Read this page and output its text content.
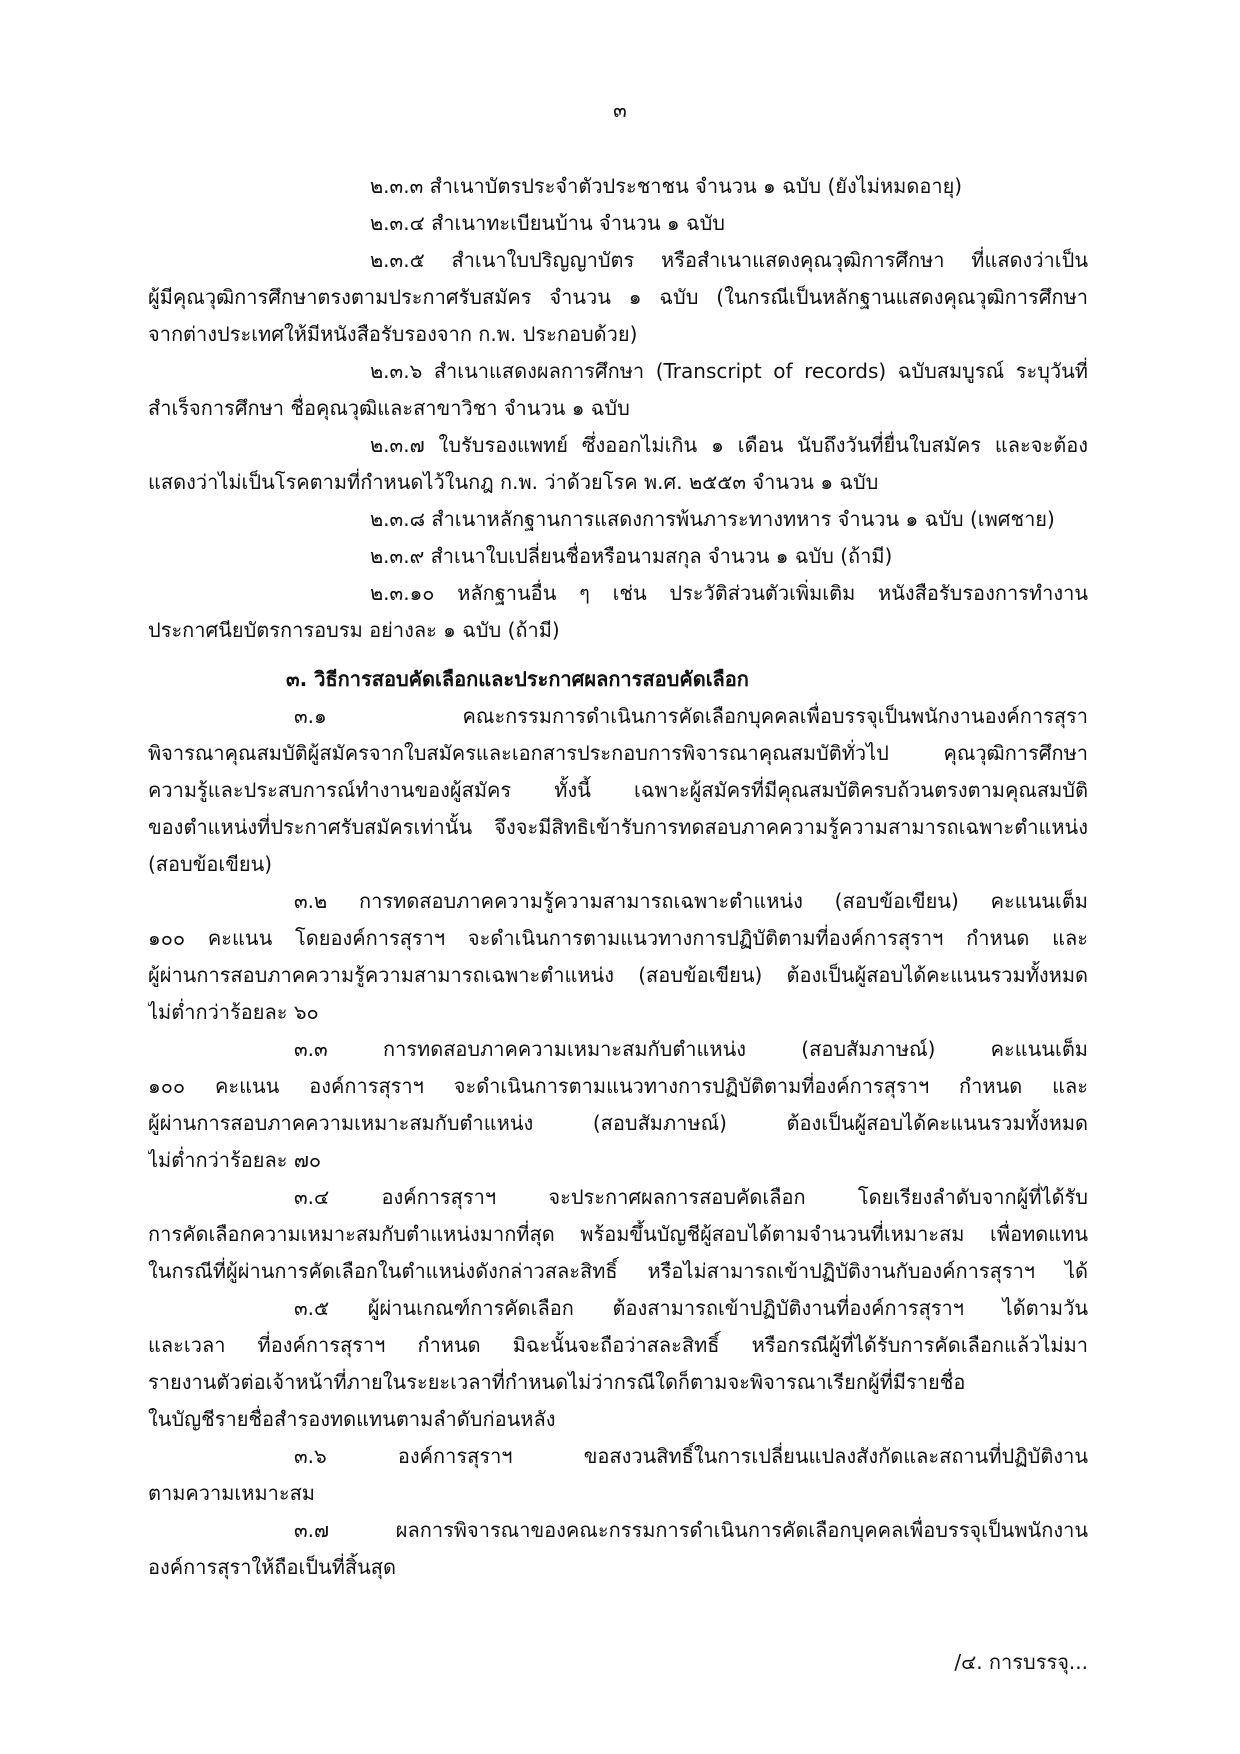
๓
๒.๓.๓ สำเนาบัตรประจำตัวประชาชน จำนวน ๑ ฉบับ (ยังไม่หมดอายุ)
๒.๓.๔ สำเนาทะเบียนบ้าน จำนวน ๑ ฉบับ
๒.๓.๕ สำเนาใบปริญญาบัตร หรือสำเนาแสดงคุณวุฒิการศึกษา ที่แสดงว่าเป็น
ผู้มีคุณวุฒิการศึกษาตรงตามประกาศรับสมัคร จำนวน ๑ ฉบับ (ในกรณีเป็นหลักฐานแสดงคุณวุฒิการศึกษา
จากต่างประเทศให้มีหนังสือรับรองจาก ก.พ. ประกอบด้วย)
๒.๓.๖ สำเนาแสดงผลการศึกษา (Transcript of records) ฉบับสมบูรณ์ ระบุวันที่
สำเร็จการศึกษา ชื่อคุณวุฒิและสาขาวิชา จำนวน ๑ ฉบับ
๒.๓.๗ ใบรับรองแพทย์ ซึ่งออกไม่เกิน ๑ เดือน นับถึงวันที่ยื่นใบสมัคร และจะต้อง
แสดงว่าไม่เป็นโรคตามที่กำหนดไว้ในกฎ ก.พ. ว่าด้วยโรค พ.ศ. ๒๕๕๓ จำนวน ๑ ฉบับ
๒.๓.๘ สำเนาหลักฐานการแสดงการพ้นภาระทางทหาร จำนวน ๑ ฉบับ (เพศชาย)
๒.๓.๙ สำเนาใบเปลี่ยนชื่อหรือนามสกุล จำนวน ๑ ฉบับ (ถ้ามี)
๒.๓.๑๐ หลักฐานอื่น ๆ เช่น ประวัติส่วนตัวเพิ่มเติม หนังสือรับรองการทำงาน
ประกาศนียบัตรการอบรม อย่างละ ๑ ฉบับ (ถ้ามี)
๓. วิธีการสอบคัดเลือกและประกาศผลการสอบคัดเลือก
๓.๑ คณะกรรมการดำเนินการคัดเลือกบุคคลเพื่อบรรจุเป็นพนักงานองค์การสุรา
พิจารณาคุณสมบัติผู้สมัครจากใบสมัครและเอกสารประกอบการพิจารณาคุณสมบัติทั่วไป คุณวุฒิการศึกษา
ความรู้และประสบการณ์ทำงานของผู้สมัคร ทั้งนี้ เฉพาะผู้สมัครที่มีคุณสมบัติครบถ้วนตรงตามคุณสมบัติ
ของตำแหน่งที่ประกาศรับสมัครเท่านั้น จึงจะมีสิทธิเข้ารับการทดสอบภาคความรู้ความสามารถเฉพาะตำแหน่ง
(สอบข้อเขียน)
๓.๒ การทดสอบภาคความรู้ความสามารถเฉพาะตำแหน่ง (สอบข้อเขียน) คะแนนเต็ม
๑๐๐ คะแนน โดยองค์การสุราฯ จะดำเนินการตามแนวทางการปฏิบัติตามที่องค์การสุราฯ กำหนด และ
ผู้ผ่านการสอบภาคความรู้ความสามารถเฉพาะตำแหน่ง (สอบข้อเขียน) ต้องเป็นผู้สอบได้คะแนนรวมทั้งหมด
ไม่ต่ำกว่าร้อยละ ๖๐
๓.๓ การทดสอบภาคความเหมาะสมกับตำแหน่ง (สอบสัมภาษณ์) คะแนนเต็ม
๑๐๐ คะแนน องค์การสุราฯ จะดำเนินการตามแนวทางการปฏิบัติตามที่องค์การสุราฯ กำหนด และ
ผู้ผ่านการสอบภาคความเหมาะสมกับตำแหน่ง (สอบสัมภาษณ์) ต้องเป็นผู้สอบได้คะแนนรวมทั้งหมด
ไม่ต่ำกว่าร้อยละ ๗๐
๓.๔ องค์การสุราฯ จะประกาศผลการสอบคัดเลือก โดยเรียงลำดับจากผู้ที่ได้รับ
การคัดเลือกความเหมาะสมกับตำแหน่งมากที่สุด พร้อมขึ้นบัญชีผู้สอบได้ตามจำนวนที่เหมาะสม เพื่อทดแทน
ในกรณีที่ผู้ผ่านการคัดเลือกในตำแหน่งดังกล่าวสละสิทธิ์ หรือไม่สามารถเข้าปฏิบัติงานกับองค์การสุราฯ ได้
๓.๕ ผู้ผ่านเกณฑ์การคัดเลือก ต้องสามารถเข้าปฏิบัติงานที่องค์การสุราฯ ได้ตามวัน
และเวลา ที่องค์การสุราฯ กำหนด มิฉะนั้นจะถือว่าสละสิทธิ์ หรือกรณีผู้ที่ได้รับการคัดเลือกแล้วไม่มา
รายงานตัวต่อเจ้าหน้าที่ภายในระยะเวลาที่กำหนดไม่ว่ากรณีใดก็ตามจะพิจารณาเรียกผู้ที่มีรายชื่อ
ในบัญชีรายชื่อสำรองทดแทนตามลำดับก่อนหลัง
๓.๖ องค์การสุราฯ ขอสงวนสิทธิ์ในการเปลี่ยนแปลงสังกัดและสถานที่ปฏิบัติงาน
ตามความเหมาะสม
๓.๗ ผลการพิจารณาของคณะกรรมการดำเนินการคัดเลือกบุคคลเพื่อบรรจุเป็นพนักงาน
องค์การสุราให้ถือเป็นที่สิ้นสุด
/๔. การบรรจุ...
